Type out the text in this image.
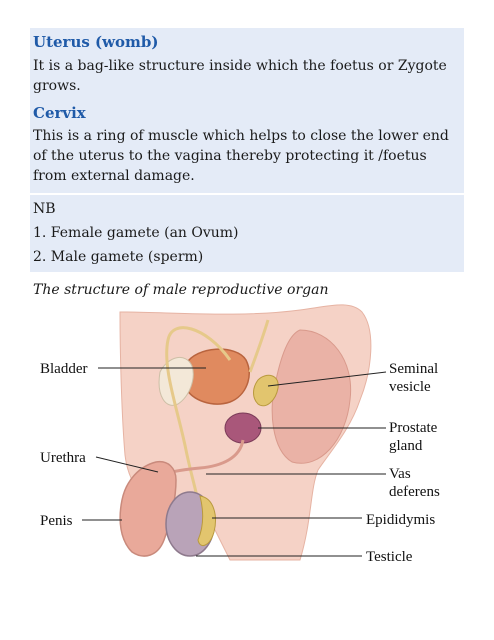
Uterus (womb)
It is a bag-like structure inside which the foetus or Zygote grows.
Cervix
This is a ring of muscle which helps to close the lower end of the uterus to the vagina thereby protecting it /foetus from external damage.
NB
1. Female gamete (an Ovum)
2. Male gamete (sperm)
The structure of male reproductive organ
Bladder
Urethra
Penis
Seminal
vesicle
Prostate
gland
Vas
deferens
Epididymis
Testicle
